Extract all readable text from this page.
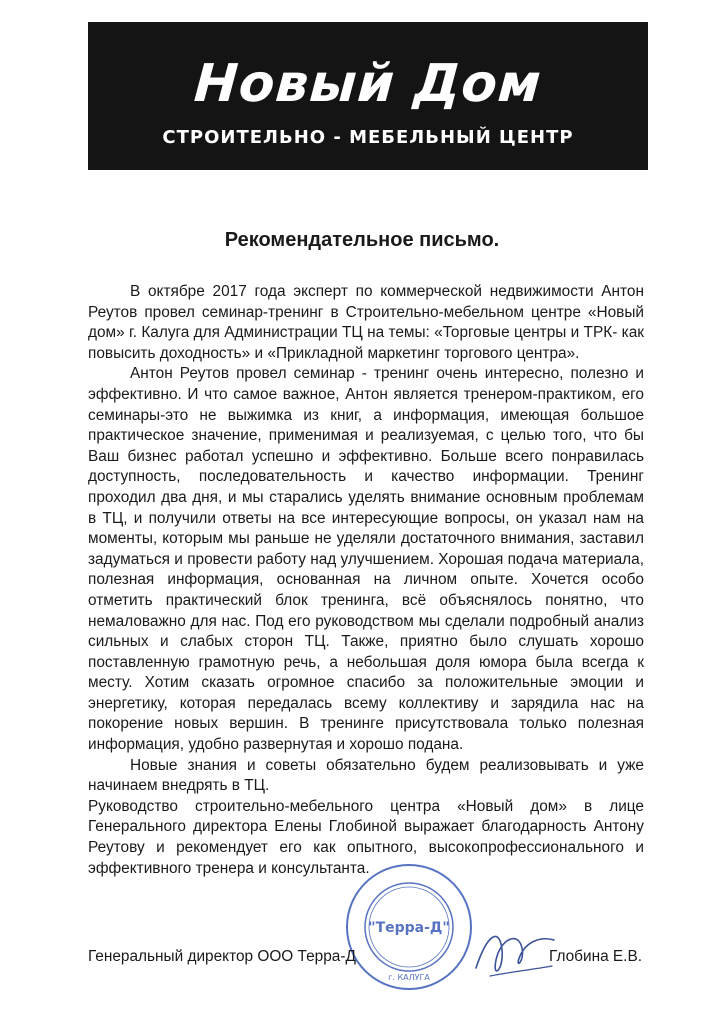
Новый Дом
СТРОИТЕЛЬНО - МЕБЕЛЬНЫЙ ЦЕНТР
Рекомендательное письмо.

В октябре 2017 года эксперт по коммерческой недвижимости Антон Реутов провел семинар-тренинг в Строительно-мебельном центре «Новый дом» г. Калуга для Администрации ТЦ на темы: «Торговые центры и ТРК- как повысить доходность» и «Прикладной маркетинг торгового центра».

Антон Реутов провел семинар - тренинг очень интересно, полезно и эффективно. И что самое важное, Антон является тренером-практиком, его семинары-это не выжимка из книг, а информация, имеющая большое практическое значение, применимая и реализуемая, с целью того, что бы Ваш бизнес работал успешно и эффективно. Больше всего понравилась доступность, последовательность и качество информации. Тренинг проходил два дня, и мы старались уделять внимание основным проблемам в ТЦ, и получили ответы на все интересующие вопросы, он указал нам на моменты, которым мы раньше не уделяли достаточного внимания, заставил задуматься и провести работу над улучшением. Хорошая подача материала, полезная информация, основанная на личном опыте. Хочется особо отметить практический блок тренинга, всё объяснялось понятно, что немаловажно для нас. Под его руководством мы сделали подробный анализ сильных и слабых сторон ТЦ. Также, приятно было слушать хорошо поставленную грамотную речь, а небольшая доля юмора была всегда к месту. Хотим сказать огромное спасибо за положительные эмоции и энергетику, которая передалась всему коллективу и зарядила нас на покорение новых вершин. В тренинге присутствовала только полезная информация, удобно развернутая и хорошо подана.

Новые знания и советы обязательно будем реализовывать и уже начинаем внедрять в ТЦ.

Руководство строительно-мебельного центра «Новый дом» в лице Генерального директора Елены Глобиной выражает благодарность Антону Реутову и рекомендует его как опытного, высокопрофессионального и эффективного тренера и консультанта.

"Терра-Д"
г. КАЛУГА
Генеральный директор ООО Терра-Д	Глобина Е.В.
